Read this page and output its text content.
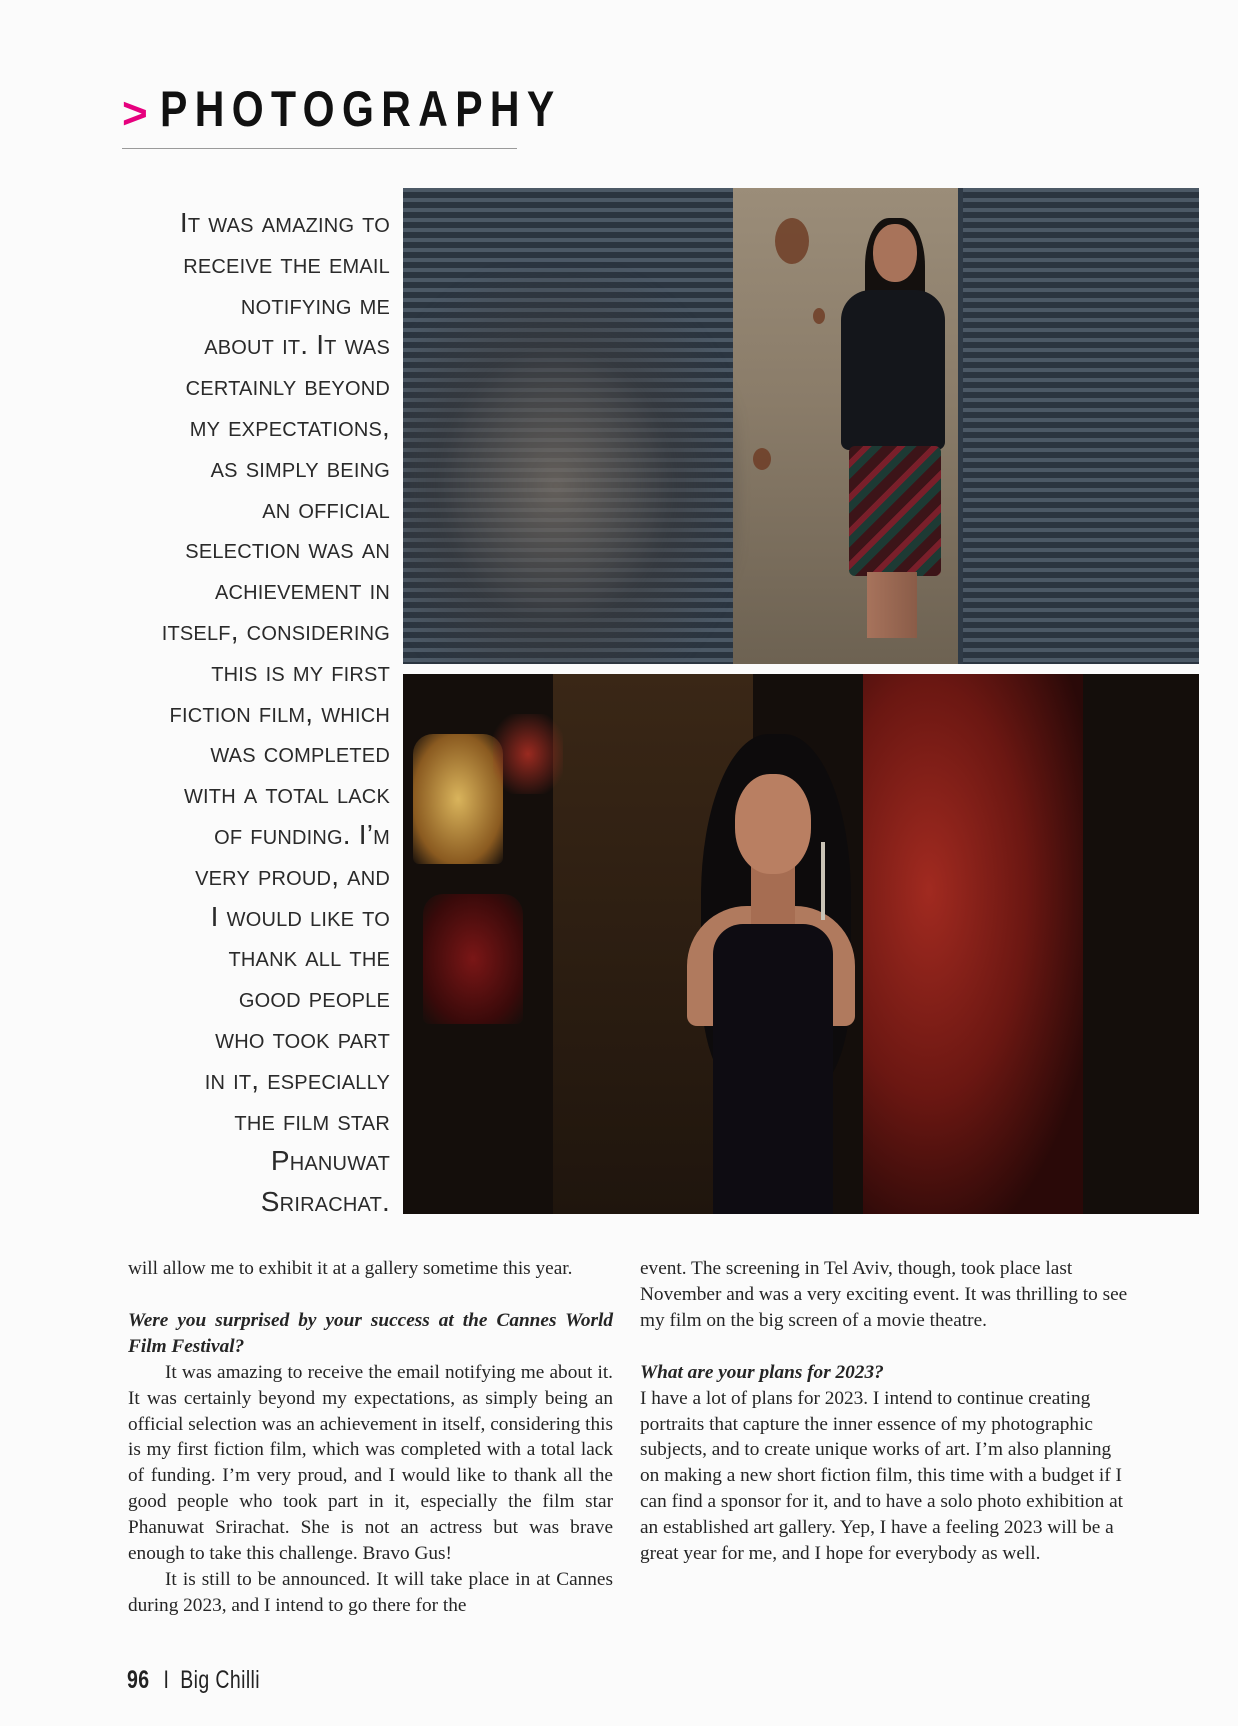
> PHOTOGRAPHY
It was amazing to
receive the email
notifying me
about it. It was
certainly beyond
my expectations,
as simply being
an official
selection was an
achievement in
itself, considering
this is my first
fiction film, which
was completed
with a total lack
of funding. I’m
very proud, and
I would like to
thank all the
good people
who took part
in it, especially
the film star
Phanuwat
Srirachat.

will allow me to exhibit it at a gallery sometime this year.

Were you surprised by your success at the Cannes World Film Festival?

It was amazing to receive the email notifying me about it. It was certainly beyond my expectations, as simply being an official selection was an achievement in itself, considering this is my first fiction film, which was completed with a total lack of funding. I’m very proud, and I would like to thank all the good people who took part in it, especially the film star Phanuwat Srirachat. She is not an actress but was brave enough to take this challenge. Bravo Gus!

It is still to be announced. It will take place in at Cannes during 2023, and I intend to go there for the

event. The screening in Tel Aviv, though, took place last November and was a very exciting event. It was thrilling to see my film on the big screen of a movie theatre.

What are your plans for 2023?

I have a lot of plans for 2023. I intend to continue creating portraits that capture the inner essence of my photographic subjects, and to create unique works of art. I’m also planning on making a new short fiction film, this time with a budget if I can find a sponsor for it, and to have a solo photo exhibition at an established art gallery. Yep, I have a feeling 2023 will be a great year for me, and I hope for everybody as well.

96 I Big Chilli
